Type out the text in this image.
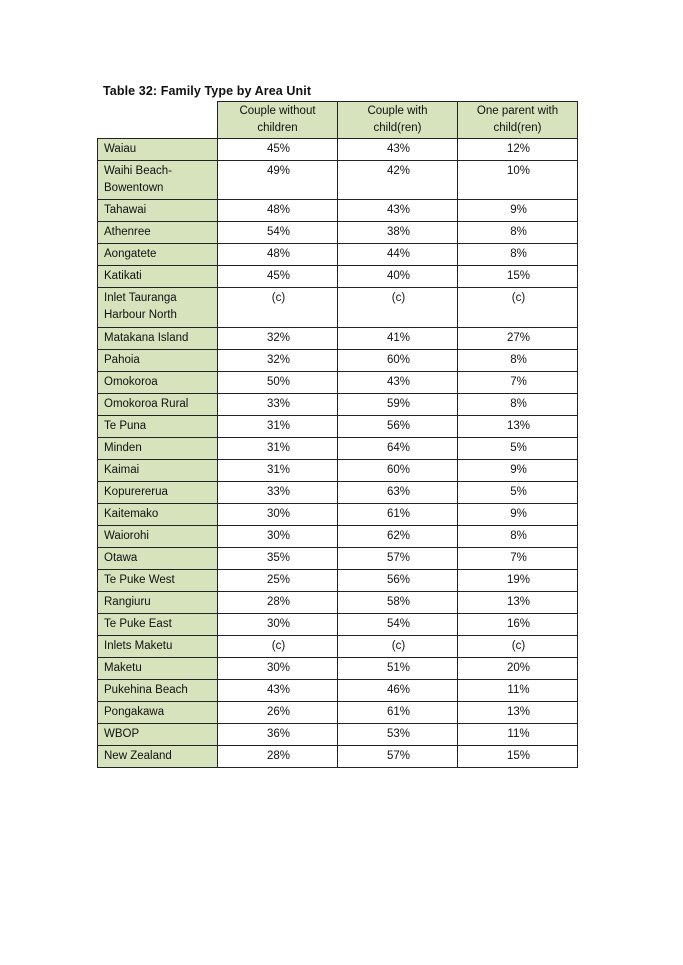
Table 32: Family Type by Area Unit
	Couple without children	Couple with child(ren)	One parent with child(ren)
Waiau	45%	43%	12%
Waihi Beach-Bowentown	49%	42%	10%
Tahawai	48%	43%	9%
Athenree	54%	38%	8%
Aongatete	48%	44%	8%
Katikati	45%	40%	15%
Inlet Tauranga Harbour North	(c)	(c)	(c)
Matakana Island	32%	41%	27%
Pahoia	32%	60%	8%
Omokoroa	50%	43%	7%
Omokoroa Rural	33%	59%	8%
Te Puna	31%	56%	13%
Minden	31%	64%	5%
Kaimai	31%	60%	9%
Kopurererua	33%	63%	5%
Kaitemako	30%	61%	9%
Waiorohi	30%	62%	8%
Otawa	35%	57%	7%
Te Puke West	25%	56%	19%
Rangiuru	28%	58%	13%
Te Puke East	30%	54%	16%
Inlets Maketu	(c)	(c)	(c)
Maketu	30%	51%	20%
Pukehina Beach	43%	46%	11%
Pongakawa	26%	61%	13%
WBOP	36%	53%	11%
New Zealand	28%	57%	15%
